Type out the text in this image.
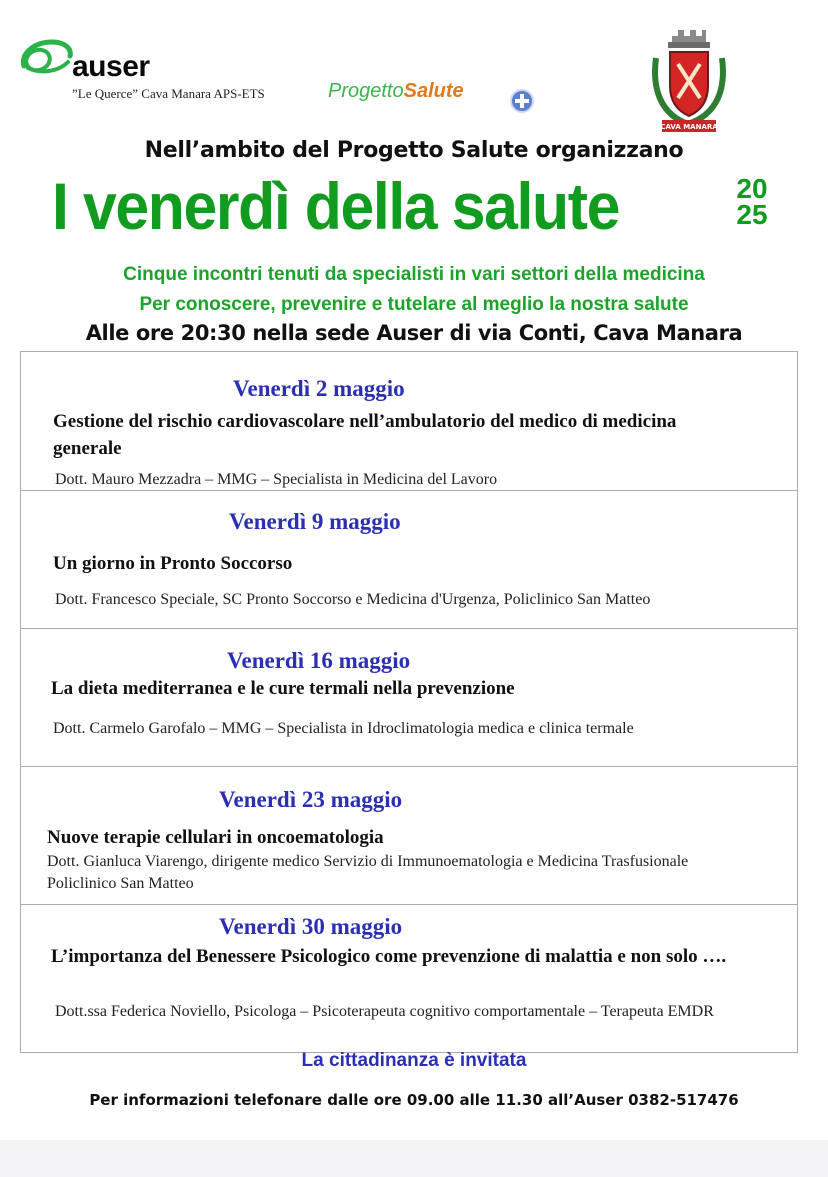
auser
”Le Querce” Cava Manara APS-ETS	ProgettoSalute
CAVA MANARA
Nell’ambito del Progetto Salute organizzano
I venerdì della salute	20
25
Cinque incontri tenuti da specialisti in vari settori della medicina
Per conoscere, prevenire e tutelare al meglio la nostra salute
Alle ore 20:30 nella sede Auser di via Conti, Cava Manara
Venerdì 2 maggio
Gestione del rischio cardiovascolare nell’ambulatorio del medico di medicina generale
Dott. Mauro Mezzadra – MMG – Specialista in Medicina del Lavoro
Venerdì 9 maggio
Un giorno in Pronto Soccorso
Dott. Francesco Speciale, SC Pronto Soccorso e Medicina d'Urgenza, Policlinico San Matteo
Venerdì 16 maggio
La dieta mediterranea e le cure termali nella prevenzione
Dott. Carmelo Garofalo – MMG – Specialista in Idroclimatologia medica e clinica termale
Venerdì 23 maggio
Nuove terapie cellulari in oncoematologia
Dott. Gianluca Viarengo, dirigente medico Servizio di Immunoematologia e Medicina Trasfusionale Policlinico San Matteo
Venerdì 30 maggio
L’importanza del Benessere Psicologico come prevenzione di malattia e non solo ….
Dott.ssa Federica Noviello, Psicologa – Psicoterapeuta cognitivo comportamentale – Terapeuta EMDR
La cittadinanza è invitata
Per informazioni telefonare dalle ore 09.00 alle 11.30 all’Auser 0382-517476
